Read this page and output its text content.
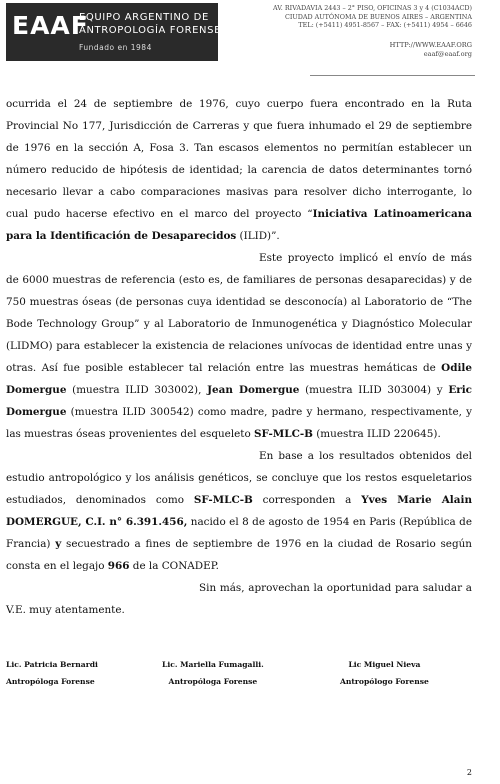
EAAF
EQUIPO ARGENTINO DE
ANTROPOLOGÍA FORENSE
Fundado en 1984
AV. RIVADAVIA 2443 – 2° PISO, OFICINAS 3 y 4 (C1034ACD)
CIUDAD AUTÓNOMA DE BUENOS AIRES – ARGENTINA
TEL: (+5411) 4951-8567 – FAX: (+5411) 4954 – 6646
HTTP://WWW.EAAF.ORG
eaaf@eaaf.org

ocurrida el 24 de septiembre de 1976, cuyo cuerpo fuera encontrado en la Ruta Provincial No 177, Jurisdicción de Carreras y que fuera inhumado el 29 de septiembre de 1976 en la sección A, Fosa 3. Tan escasos elementos no permitían establecer un número reducido de hipótesis de identidad; la carencia de datos determinantes tornó necesario llevar a cabo comparaciones masivas para resolver dicho interrogante, lo cual pudo hacerse efectivo en el marco del proyecto “Iniciativa Latinoamericana para la Identificación de Desaparecidos (ILID)”.

Este proyecto implicó el envío de más de 6000 muestras de referencia (esto es, de familiares de personas desaparecidas) y de 750 muestras óseas (de personas cuya identidad se desconocía) al Laboratorio de “The Bode Technology Group” y al Laboratorio de Inmunogenética y Diagnóstico Molecular (LIDMO) para establecer la existencia de relaciones unívocas de identidad entre unas y otras. Así fue posible establecer tal relación entre las muestras hemáticas de Odile Domergue (muestra ILID 303002), Jean Domergue (muestra ILID 303004) y Eric Domergue (muestra ILID 300542) como madre, padre y hermano, respectivamente, y las muestras óseas provenientes del esqueleto SF-MLC-B (muestra ILID 220645).

En base a los resultados obtenidos del estudio antropológico y los análisis genéticos, se concluye que los restos esqueletarios estudiados, denominados como SF-MLC-B corresponden a Yves Marie Alain DOMERGUE, C.I. n° 6.391.456, nacido el 8 de agosto de 1954 en Paris (República de Francia) y secuestrado a fines de septiembre de 1976 en la ciudad de Rosario según consta en el legajo 966 de la CONADEP.

Sin más, aprovechan la oportunidad para saludar a V.E. muy atentamente.

Lic. Patricia Bernardi
Antropóloga Forense
Lic. Mariella Fumagalli.
Antropóloga Forense
Lic Miguel Nieva
Antropólogo Forense
2
